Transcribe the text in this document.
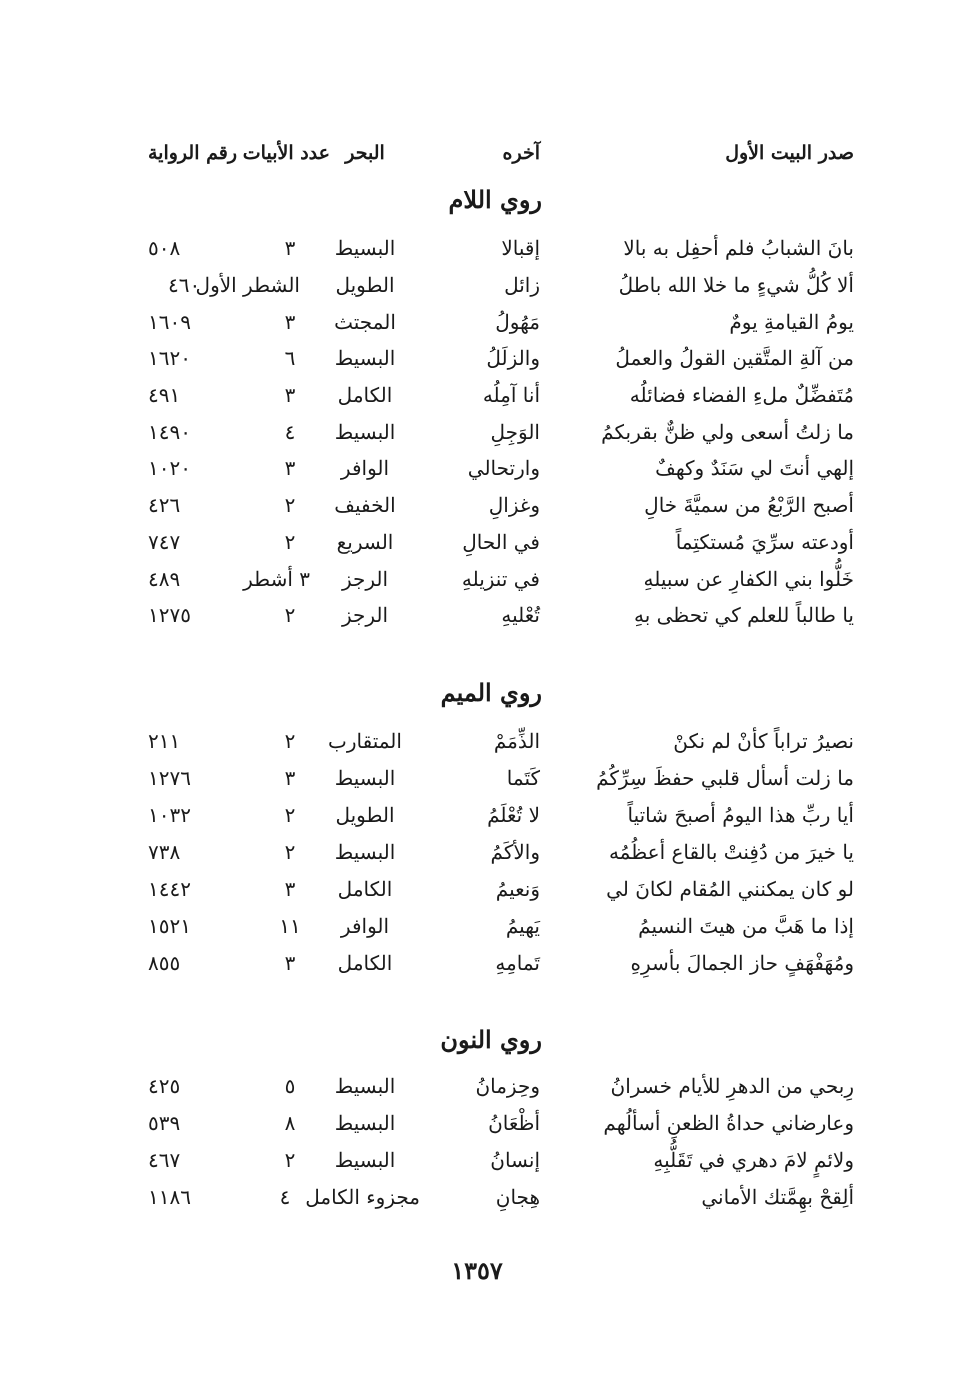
صدر البيت الأول
آخره
البحر
عدد الأبيات
رقم الرواية
روي اللام
بانَ الشبابُ فلم أحفِل به بالا
إقبالا
البسيط
٣
٥٠٨
ألا كُلُّ شيءٍ ما خلا الله باطلُ
زائل
الطويل
الشطر الأول
٤٦٠
يومُ القيامةِ يومٌ
مَهُولُ
المجتث
٣
١٦٠٩
من آلةِ المتَّقين القولُ والعملُ
والزلَلُ
البسيط
٦
١٦٢٠
مُتَفضِّلٌ ملءِ الفضاء فضائلُه
أنا آمِلُه
الكامل
٣
٤٩١
ما زلتُ أسعى ولي ظنٌّ بقربكمُ
الوَجِلِ
البسيط
٤
١٤٩٠
إلهي أنتَ لي سَنَدٌ وكهفٌ
وارتحالي
الوافر
٣
١٠٢٠
أصبح الرَّبْعُ من سميَّةَ خالِ
وغزالِ
الخفيف
٢
٤٢٦
أودعته سرِّيَ مُستكتِماً
في الحالِ
السريع
٢
٧٤٧
خَلُّوا بني الكفارِ عن سبيلهِ
في تنزيلهِ
الرجز
٣ أشطر
٤٨٩
يا طالباً للعلم كي تحظى بهِ
تُعْليهِ
الرجز
٢
١٢٧٥
روي الميم
نصيرُ تراباً كأنْ لم نكنْ
الذِّمَمْ
المتقارب
٢
٢١١
ما زلت أسأل قلبي حفظَ سِرِّكُمُ
كَتَما
البسيط
٣
١٢٧٦
أيا ربِّ هذا اليومُ أصبحَ شاتياً
لا تُعْلَمُ
الطويل
٢
١٠٣٢
يا خيرَ من دُفِنتْ بالقاع أعظُمُه
والأكَمُ
البسيط
٢
٧٣٨
لو كان يمكنني المُقام لكانَ لي
وَنعيمُ
الكامل
٣
١٤٤٢
إذا ما هَبَّ من هيتَ النسيمُ
يَهيمُ
الوافر
١١
١٥٢١
ومُهَفْهَفٍ حاز الجمالَ بأسرِهِ
تَمامِهِ
الكامل
٣
٨٥٥
روي النون
رِبحي من الدهرِ للأيام خسرانُ
وحِزمانُ
البسيط
٥
٤٢٥
وعارضاني حداةُ الظعنِ أسألُهم
أظْعَانُ
البسيط
٨
٥٣٩
ولائمٍ لامَ دهري في تَقَلُّبِهِ
إنسانُ
البسيط
٢
٤٦٧
ألِقحْ بهِمَّتك الأماني
هِجانِ
مجزوء الكامل
٤
١١٨٦
١٣٥٧
